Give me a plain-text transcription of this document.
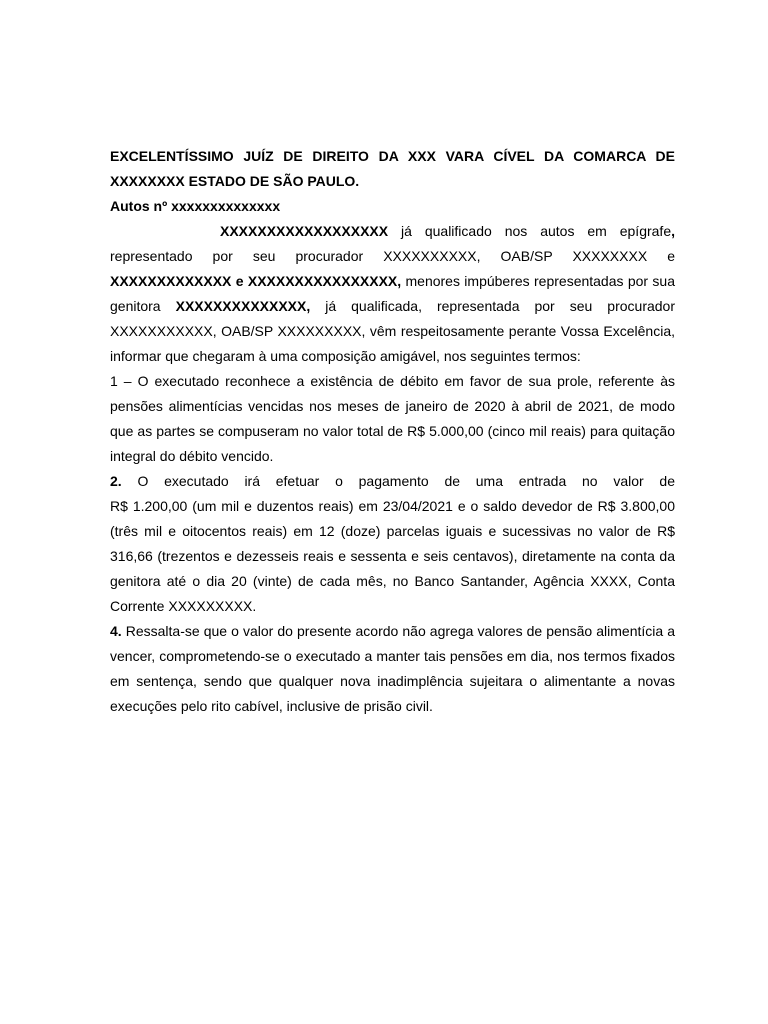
EXCELENTÍSSIMO JUÍZ DE DIREITO DA XXX VARA CÍVEL DA COMARCA DE XXXXXXXX ESTADO DE SÃO PAULO.

Autos nº xxxxxxxxxxxxxx

XXXXXXXXXXXXXXXXXX já qualificado nos autos em epígrafe, representado por seu procurador XXXXXXXXXX, OAB/SP XXXXXXXX e XXXXXXXXXXXXX e XXXXXXXXXXXXXXXX, menores impúberes representadas por sua genitora XXXXXXXXXXXXXX, já qualificada, representada por seu procurador XXXXXXXXXXX, OAB/SP XXXXXXXXX, vêm respeitosamente perante Vossa Excelência, informar que chegaram à uma composição amigável, nos seguintes termos:

1 – O executado reconhece a existência de débito em favor de sua prole, referente às pensões alimentícias vencidas nos meses de janeiro de 2020 à abril de 2021, de modo que as partes se compuseram no valor total de R$ 5.000,00 (cinco mil reais) para quitação integral do débito vencido.

2. O executado irá efetuar o pagamento de uma entrada no valor de
R$ 1.200,00 (um mil e duzentos reais) em 23/04/2021 e o saldo devedor de R$ 3.800,00 (três mil e oitocentos reais) em 12 (doze) parcelas iguais e sucessivas no valor de R$ 316,66 (trezentos e dezesseis reais e sessenta e seis centavos), diretamente na conta da genitora até o dia 20 (vinte) de cada mês, no Banco Santander, Agência XXXX, Conta Corrente XXXXXXXXX.

4. Ressalta-se que o valor do presente acordo não agrega valores de pensão alimentícia a vencer, comprometendo-se o executado a manter tais pensões em dia, nos termos fixados em sentença, sendo que qualquer nova inadimplência sujeitara o alimentante a novas execuções pelo rito cabível, inclusive de prisão civil.
